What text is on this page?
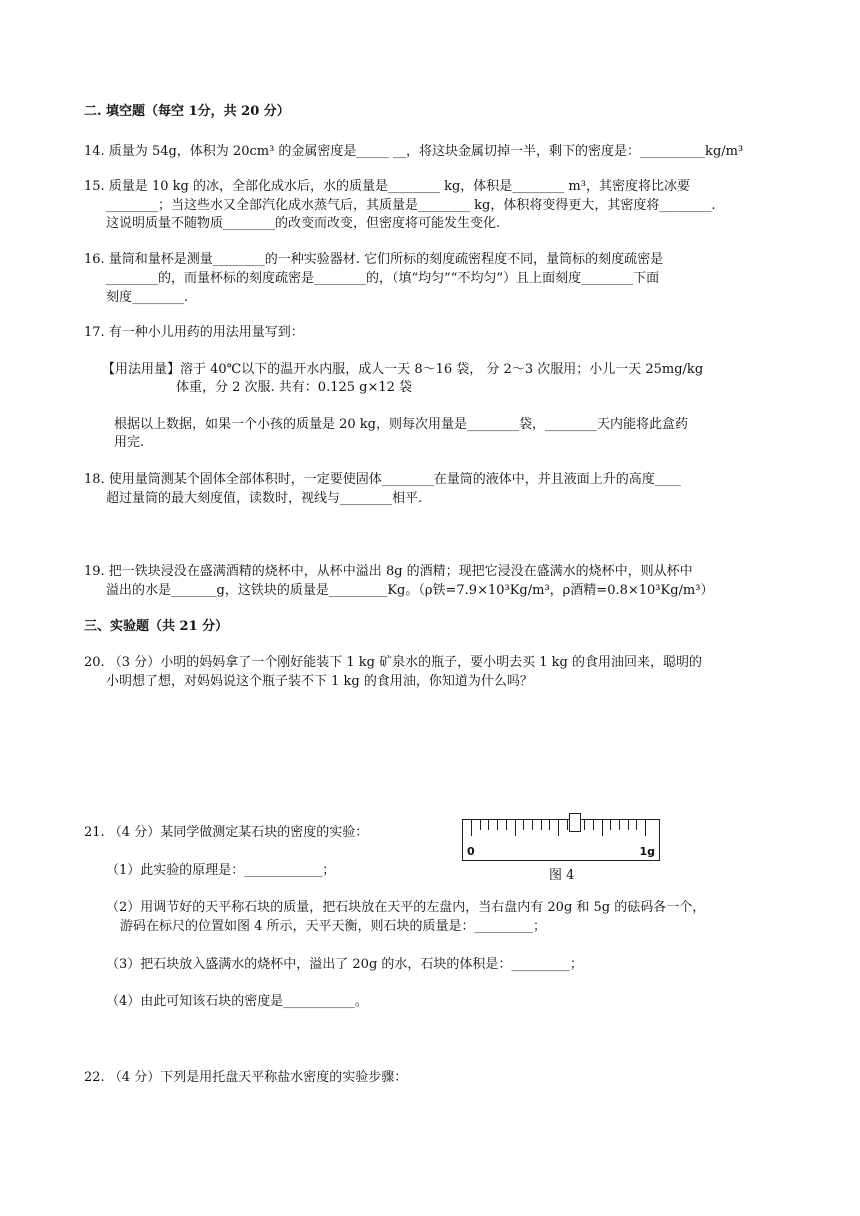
二. 填空题（每空 1分，共 20 分）
14. 质量为 54g，体积为 20cm³ 的金属密度是_____ __，将这块金属切掉一半，剩下的密度是：__________kg/m³
15. 质量是 10 kg 的冰，全部化成水后，水的质量是________ kg，体积是________ m³，其密度将比冰要
________；当这些水又全部汽化成水蒸气后，其质量是________ kg，体积将变得更大，其密度将________.
这说明质量不随物质________的改变而改变，但密度将可能发生变化.
16. 量筒和量杯是测量________的一种实验器材. 它们所标的刻度疏密程度不同，量筒标的刻度疏密是
________的，而量杯标的刻度疏密是________的，（填“均匀”“不均匀”）且上面刻度________下面
刻度________.
17. 有一种小儿用药的用法用量写到：
【用法用量】溶于 40℃以下的温开水内服，成人一天 8～16 袋， 分 2～3 次服用；小儿一天 25mg/kg
体重，分 2 次服. 共有：0.125 g×12 袋
根据以上数据，如果一个小孩的质量是 20 kg，则每次用量是________袋，________天内能将此盒药
用完.
18. 使用量筒测某个固体全部体积时，一定要使固体________在量筒的液体中，并且液面上升的高度____
超过量筒的最大刻度值，读数时，视线与________相平.
19. 把一铁块浸没在盛满酒精的烧杯中，从杯中溢出 8g 的酒精；现把它浸没在盛满水的烧杯中，则从杯中
溢出的水是_______g，这铁块的质量是_________Kg。（ρ铁=7.9×10³Kg/m³，ρ酒精=0.8×10³Kg/m³）
三、实验题（共 21 分）
20. （3 分）小明的妈妈拿了一个刚好能装下 1 kg 矿泉水的瓶子，要小明去买 1 kg 的食用油回来，聪明的
小明想了想，对妈妈说这个瓶子装不下 1 kg 的食用油，你知道为什么吗？
21. （4 分）某同学做测定某石块的密度的实验：
（1）此实验的原理是：____________；
（2）用调节好的天平称石块的质量，把石块放在天平的左盘内，当右盘内有 20g 和 5g 的砝码各一个，
游码在标尺的位置如图 4 所示，天平天衡，则石块的质量是：_________；
（3）把石块放入盛满水的烧杯中，溢出了 20g 的水，石块的体积是：_________；
（4）由此可知该石块的密度是___________。
0	1g
图 4
22. （4 分）下列是用托盘天平称盐水密度的实验步骤：
